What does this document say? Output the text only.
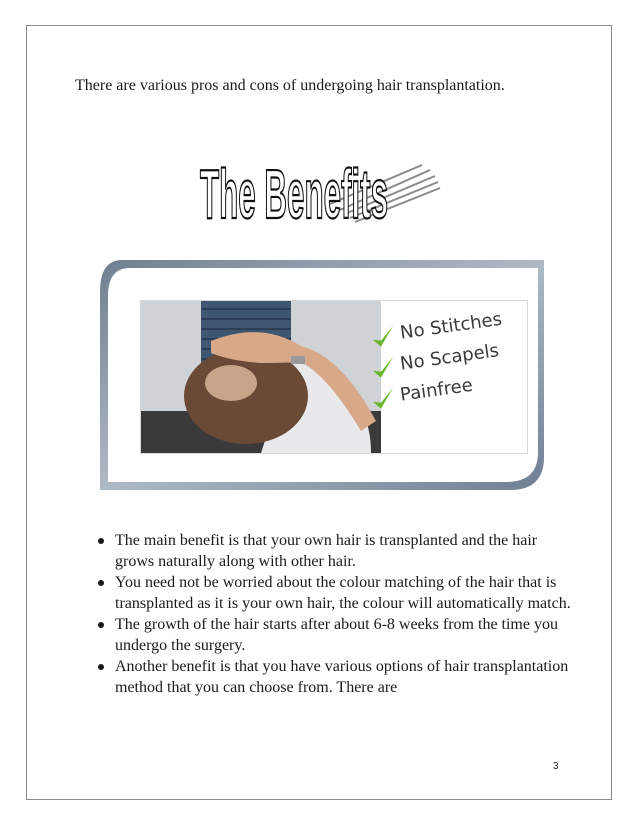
There are various pros and cons of undergoing hair transplantation.

The Benefits
No Stitches
No Scapels
Painfree
The main benefit is that your own hair is transplanted and the hair grows naturally along with other hair.
You need not be worried about the colour matching of the hair that is transplanted as it is your own hair, the colour will automatically match.
The growth of the hair starts after about 6-8 weeks from the time you undergo the surgery.
Another benefit is that you have various options of hair transplantation method that you can choose from. There are
3
